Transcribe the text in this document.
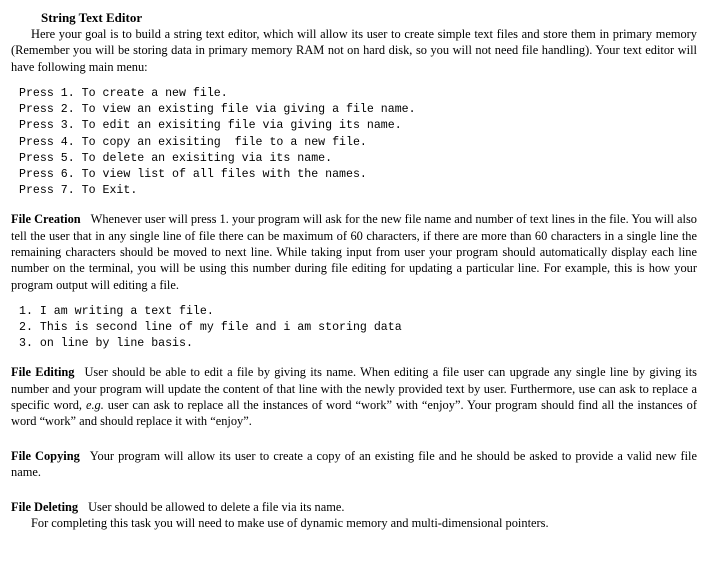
String Text Editor

Here your goal is to build a string text editor, which will allow its user to create simple text files and store them in primary memory (Remember you will be storing data in primary memory RAM not on hard disk, so you will not need file handling). Your text editor will have following main menu:

Press 1. To create a new file.
Press 2. To view an existing file via giving a file name.
Press 3. To edit an exisiting file via giving its name.
Press 4. To copy an exisiting  file to a new file.
Press 5. To delete an exisiting via its name.
Press 6. To view list of all files with the names.
Press 7. To Exit.

File Creation Whenever user will press 1. your program will ask for the new file name and number of text lines in the file. You will also tell the user that in any single line of file there can be maximum of 60 characters, if there are more than 60 characters in a single line the remaining characters should be moved to next line. While taking input from user your program should automatically display each line number on the terminal, you will be using this number during file editing for updating a particular line. For example, this is how your program output will editing a file.

1. I am writing a text file.
2. This is second line of my file and i am storing data
3. on line by line basis.

File Editing User should be able to edit a file by giving its name. When editing a file user can upgrade any single line by giving its number and your program will update the content of that line with the newly provided text by user. Furthermore, use can ask to replace a specific word, e.g. user can ask to replace all the instances of word “work” with “enjoy”. Your program should find all the instances of word “work” and should replace it with “enjoy”.

File Copying Your program will allow its user to create a copy of an existing file and he should be asked to provide a valid new file name.

File Deleting User should be allowed to delete a file via its name.

For completing this task you will need to make use of dynamic memory and multi-dimensional pointers.
